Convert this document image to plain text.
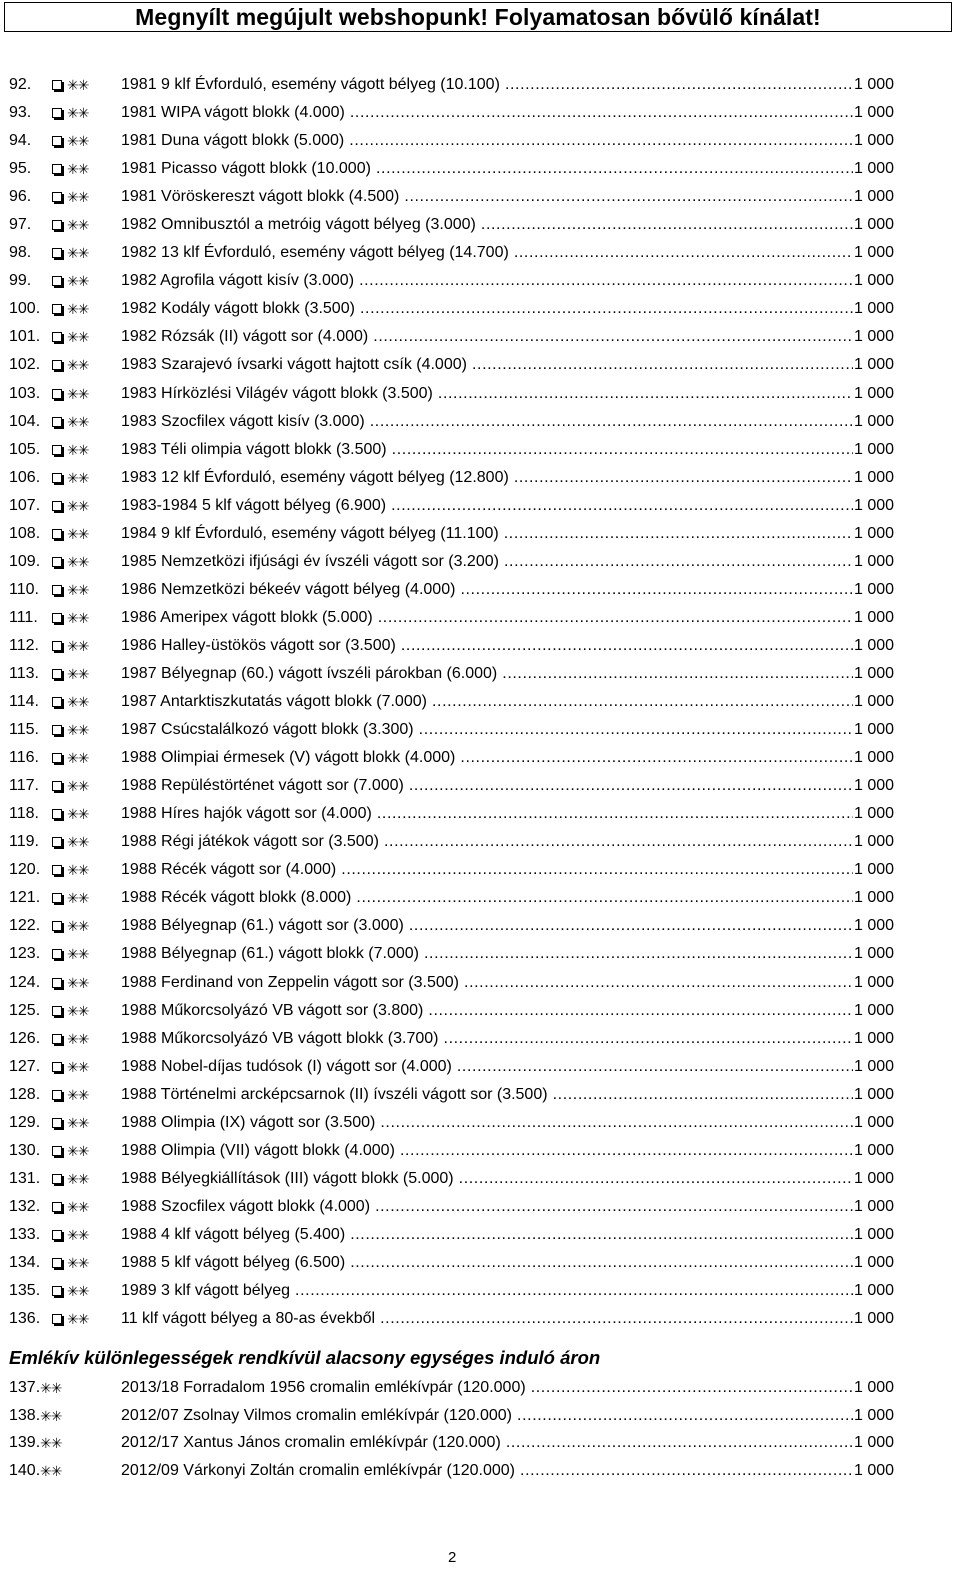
Megnyílt megújult webshopunk! Folyamatosan bővülő kínálat!
92.	✳✳ 1981 9 klf Évforduló, esemény vágott bélyeg (10.100) .....	1 000
93.	✳✳ 1981 WIPA vágott blokk (4.000) .....	1 000
94.	✳✳ 1981 Duna vágott blokk (5.000) .....	1 000
95.	✳✳ 1981 Picasso vágott blokk (10.000) .....	1 000
96.	✳✳ 1981 Vöröskereszt vágott blokk (4.500) .....	1 000
97.	✳✳ 1982 Omnibusztól a metróig vágott bélyeg (3.000) .....	1 000
98.	✳✳ 1982 13 klf Évforduló, esemény vágott bélyeg (14.700) .....	1 000
99.	✳✳ 1982 Agrofila vágott kisív (3.000) .....	1 000
100.	✳✳ 1982 Kodály vágott blokk (3.500) .....	1 000
101.	✳✳ 1982 Rózsák (II) vágott sor (4.000) .....	1 000
102.	✳✳ 1983 Szarajevó ívsarki vágott hajtott csík (4.000) .....	1 000
103.	✳✳ 1983 Hírközlési Világév vágott blokk (3.500) .....	1 000
104.	✳✳ 1983 Szocfilex vágott kisív (3.000) .....	1 000
105.	✳✳ 1983 Téli olimpia vágott blokk (3.500) .....	1 000
106.	✳✳ 1983 12 klf Évforduló, esemény vágott bélyeg (12.800) .....	1 000
107.	✳✳ 1983-1984 5 klf vágott bélyeg (6.900) .....	1 000
108.	✳✳ 1984 9 klf Évforduló, esemény vágott bélyeg (11.100) .....	1 000
109.	✳✳ 1985 Nemzetközi ifjúsági év ívszéli vágott sor (3.200) .....	1 000
110.	✳✳ 1986 Nemzetközi békeév vágott bélyeg (4.000) .....	1 000
111.	✳✳ 1986 Ameripex vágott blokk (5.000) .....	1 000
112.	✳✳ 1986 Halley-üstökös vágott sor (3.500) .....	1 000
113.	✳✳ 1987 Bélyegnap (60.) vágott ívszéli párokban (6.000) .....	1 000
114.	✳✳ 1987 Antarktiszkutatás vágott blokk (7.000) .....	1 000
115.	✳✳ 1987 Csúcstalálkozó vágott blokk (3.300) .....	1 000
116.	✳✳ 1988 Olimpiai érmesek (V) vágott blokk (4.000) .....	1 000
117.	✳✳ 1988 Repüléstörténet vágott sor (7.000) .....	1 000
118.	✳✳ 1988 Híres hajók vágott sor (4.000) .....	1 000
119.	✳✳ 1988 Régi játékok vágott sor (3.500) .....	1 000
120.	✳✳ 1988 Récék vágott sor (4.000) .....	1 000
121.	✳✳ 1988 Récék vágott blokk (8.000) .....	1 000
122.	✳✳ 1988 Bélyegnap (61.) vágott sor (3.000) .....	1 000
123.	✳✳ 1988 Bélyegnap (61.) vágott blokk (7.000) .....	1 000
124.	✳✳ 1988 Ferdinand von Zeppelin vágott sor (3.500) .....	1 000
125.	✳✳ 1988 Műkorcsolyázó VB vágott sor (3.800) .....	1 000
126.	✳✳ 1988 Műkorcsolyázó VB vágott blokk (3.700) .....	1 000
127.	✳✳ 1988 Nobel-díjas tudósok (I) vágott sor (4.000) .....	1 000
128.	✳✳ 1988 Történelmi arcképcsarnok (II) ívszéli vágott sor (3.500) .....	1 000
129.	✳✳ 1988 Olimpia (IX) vágott sor (3.500) .....	1 000
130.	✳✳ 1988 Olimpia (VII) vágott blokk (4.000) .....	1 000
131.	✳✳ 1988 Bélyegkiállítások (III) vágott blokk (5.000) .....	1 000
132.	✳✳ 1988 Szocfilex vágott blokk (4.000) .....	1 000
133.	✳✳ 1988 4 klf vágott bélyeg (5.400) .....	1 000
134.	✳✳ 1988 5 klf vágott bélyeg (6.500) .....	1 000
135.	✳✳ 1989 3 klf vágott bélyeg .....	1 000
136.	✳✳ 11 klf vágott bélyeg a 80-as évekből .....	1 000
Emlékív különlegességek rendkívül alacsony egységes induló áron
137. ✳✳	2013/18 Forradalom 1956 cromalin emlékívpár (120.000) .....	1 000
138. ✳✳	2012/07 Zsolnay Vilmos cromalin emlékívpár (120.000) .....	1 000
139. ✳✳	2012/17 Xantus János cromalin emlékívpár (120.000) .....	1 000
140. ✳✳	2012/09 Várkonyi Zoltán cromalin emlékívpár (120.000) .....	1 000
2
